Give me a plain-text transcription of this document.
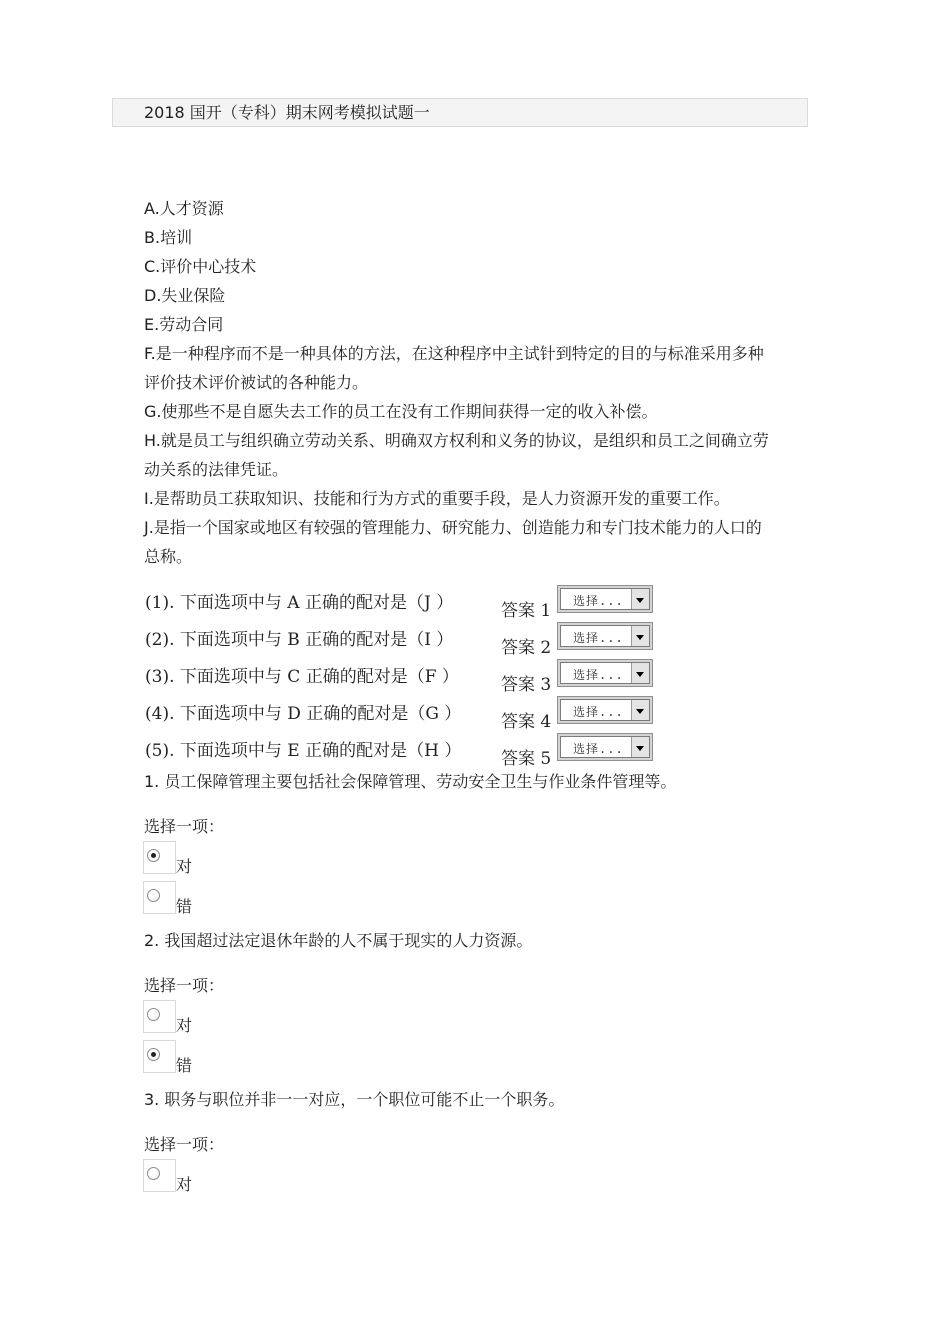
2018 国开（专科）期末网考模拟试题一

A.人才资源

B.培训

C.评价中心技术

D.失业保险

E.劳动合同

F.是一种程序而不是一种具体的方法，在这种程序中主试针到特定的目的与标准采用多种

评价技术评价被试的各种能力。

G.使那些不是自愿失去工作的员工在没有工作期间获得一定的收入补偿。

H.就是员工与组织确立劳动关系、明确双方权利和义务的协议，是组织和员工之间确立劳

动关系的法律凭证。

I.是帮助员工获取知识、技能和行为方式的重要手段，是人力资源开发的重要工作。

J.是指一个国家或地区有较强的管理能力、研究能力、创造能力和专门技术能力的人口的

总称。

(1). 下面选项中与 A 正确的配对是（J ）	答案 1 选择...
(2). 下面选项中与 B 正确的配对是（I ）	答案 2 选择...
(3). 下面选项中与 C 正确的配对是（F ） 答案 3 选择...
(4). 下面选项中与 D 正确的配对是（G ） 答案 4 选择...
(5). 下面选项中与 E 正确的配对是（H ） 答案 5 选择...
1. 员工保障管理主要包括社会保障管理、劳动安全卫生与作业条件管理等。
选择一项：
对
错
2. 我国超过法定退休年龄的人不属于现实的人力资源。
选择一项：
对
错
3. 职务与职位并非一一对应，一个职位可能不止一个职务。
选择一项：
对
